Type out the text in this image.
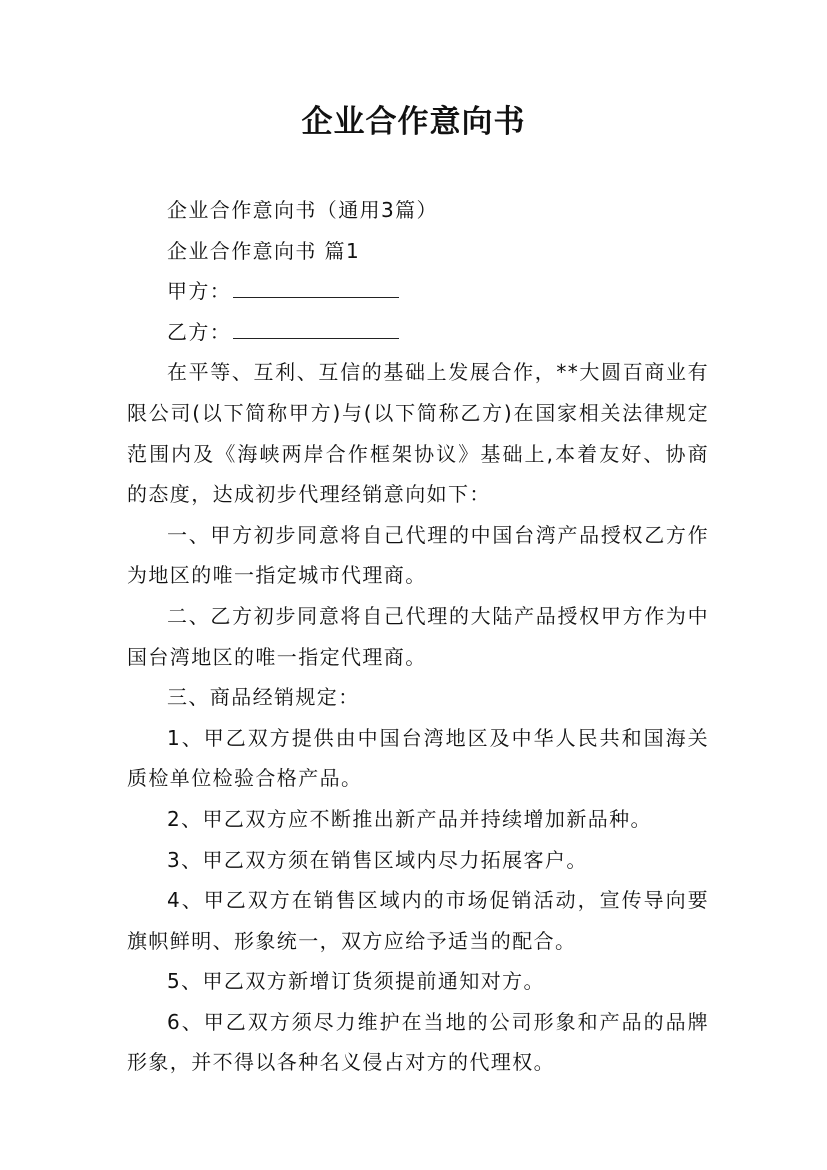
企业合作意向书

企业合作意向书（通用3篇）

企业合作意向书 篇1

甲方：

乙方：

在平等、互利、互信的基础上发展合作，**大圆百商业有限公司(以下简称甲方)与(以下简称乙方)在国家相关法律规定范围内及《海峡两岸合作框架协议》基础上,本着友好、协商的态度，达成初步代理经销意向如下：

一、甲方初步同意将自己代理的中国台湾产品授权乙方作为地区的唯一指定城市代理商。

二、乙方初步同意将自己代理的大陆产品授权甲方作为中国台湾地区的唯一指定代理商。

三、商品经销规定：

1、甲乙双方提供由中国台湾地区及中华人民共和国海关质检单位检验合格产品。

2、甲乙双方应不断推出新产品并持续增加新品种。

3、甲乙双方须在销售区域内尽力拓展客户。

4、甲乙双方在销售区域内的市场促销活动，宣传导向要旗帜鲜明、形象统一，双方应给予适当的配合。

5、甲乙双方新增订货须提前通知对方。

6、甲乙双方须尽力维护在当地的公司形象和产品的品牌形象，并不得以各种名义侵占对方的代理权。
